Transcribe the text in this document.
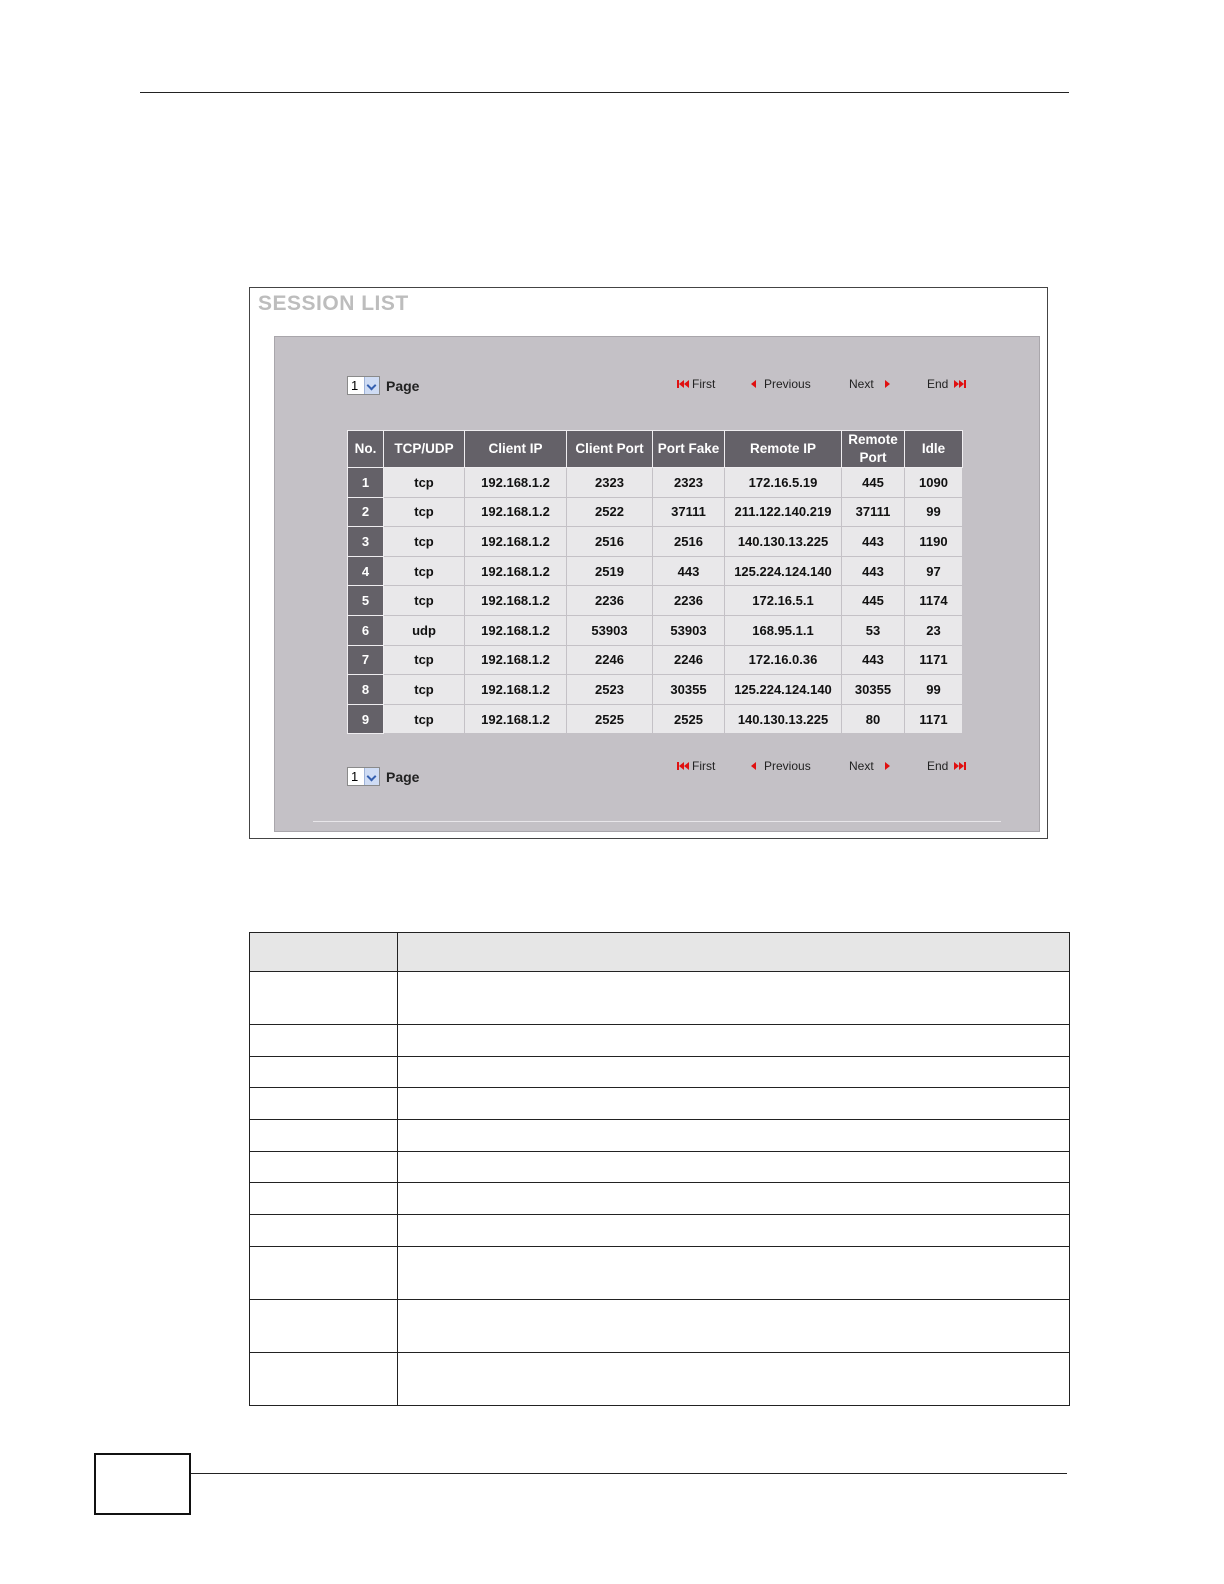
SESSION LIST
1	Page	First	Previous	Next	End
No.	TCP/UDP	Client IP	Client Port	Port Fake	Remote IP	Remote Port	Idle
1	tcp	192.168.1.2	2323	2323	172.16.5.19	445	1090
2	tcp	192.168.1.2	2522	37111	211.122.140.219	37111	99
3	tcp	192.168.1.2	2516	2516	140.130.13.225	443	1190
4	tcp	192.168.1.2	2519	443	125.224.124.140	443	97
5	tcp	192.168.1.2	2236	2236	172.16.5.1	445	1174
6	udp	192.168.1.2	53903	53903	168.95.1.1	53	23
7	tcp	192.168.1.2	2246	2246	172.16.0.36	443	1171
8	tcp	192.168.1.2	2523	30355	125.224.124.140	30355	99
9	tcp	192.168.1.2	2525	2525	140.130.13.225	80	1171
1	Page
First	Previous	Next	End
